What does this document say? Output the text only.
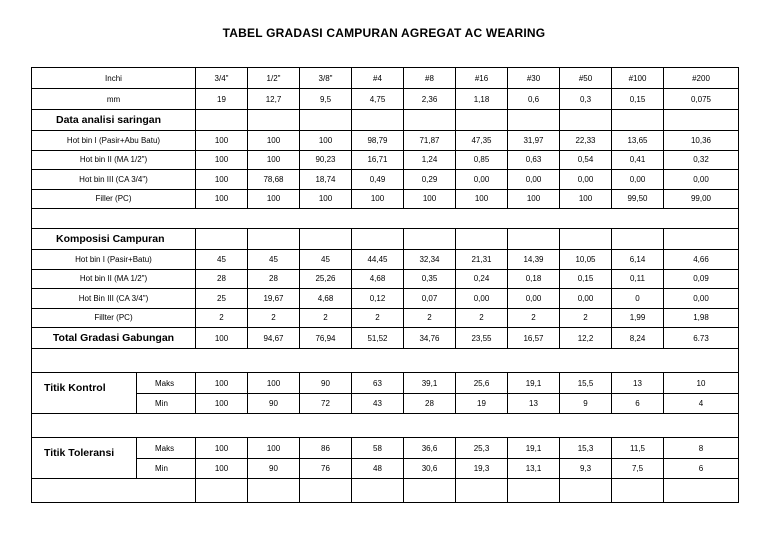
TABEL GRADASI CAMPURAN AGREGAT AC WEARING
Inchi		3/4"	1/2"	3/8"	#4	#8	#16	#30	#50	#100	#200
mm		19	12,7	9,5	4,75	2,36	1,18	0,6	0,3	0,15	0,075
Data analisi saringan											
Hot bin I (Pasir+Abu Batu)		100	100	100	98,79	71,87	47,35	31,97	22,33	13,65	10,36
Hot bin II (MA 1/2")		100	100	90,23	16,71	1,24	0,85	0,63	0,54	0,41	0,32
Hot bin III (CA 3/4")		100	78,68	18,74	0,49	0,29	0,00	0,00	0,00	0,00	0,00
Filler (PC)		100	100	100	100	100	100	100	100	99,50	99,00

Komposisi Campuran											
Hot bin I (Pasir+Batu)		45	45	45	44,45	32,34	21,31	14,39	10,05	6,14	4,66
Hot bin II (MA 1/2")		28	28	25,26	4,68	0,35	0,24	0,18	0,15	0,11	0,09
Hot Bin III (CA 3/4")		25	19,67	4,68	0,12	0,07	0,00	0,00	0,00	0	0,00
Fillter (PC)		2	2	2	2	2	2	2	2	1,99	1,98
Total Gradasi Gabungan		100	94,67	76,94	51,52	34,76	23,55	16,57	12,2	8,24	6.73

Titik Kontrol	Maks	100	100	90	63	39,1	25,6	19,1	15,5	13	10
	Min	100	90	72	43	28	19	13	9	6	4

Titik Toleransi	Maks	100	100	86	58	36,6	25,3	19,1	15,3	11,5	8
	Min	100	90	76	48	30,6	19,3	13,1	9,3	7,5	6
